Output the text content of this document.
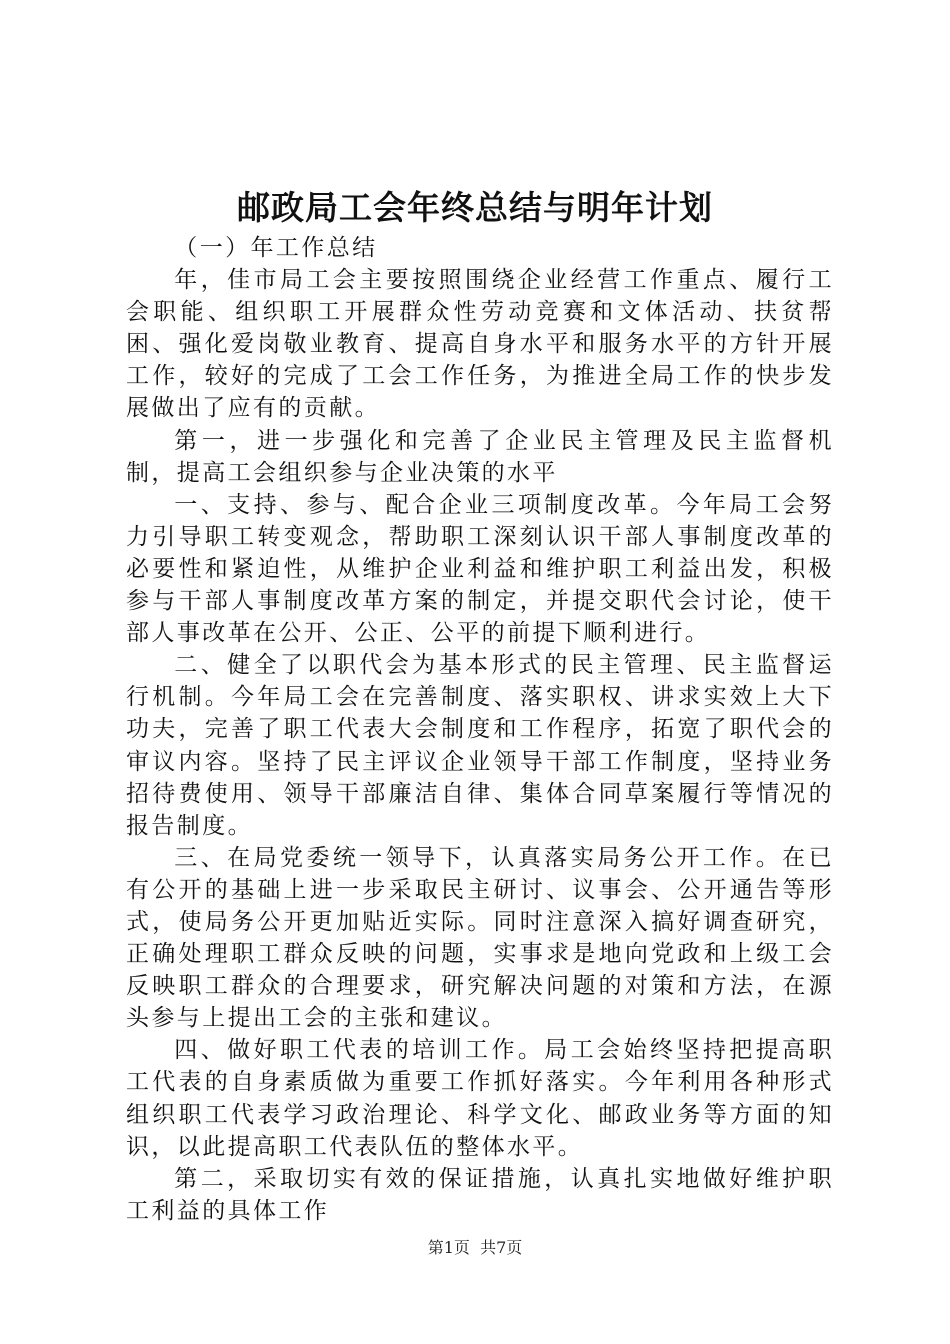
邮政局工会年终总结与明年计划

（一）年工作总结

年，佳市局工会主要按照围绕企业经营工作重点、履行工会职能、组织职工开展群众性劳动竞赛和文体活动、扶贫帮困、强化爱岗敬业教育、提高自身水平和服务水平的方针开展工作，较好的完成了工会工作任务，为推进全局工作的快步发展做出了应有的贡献。

第一，进一步强化和完善了企业民主管理及民主监督机制，提高工会组织参与企业决策的水平

一、支持、参与、配合企业三项制度改革。今年局工会努力引导职工转变观念，帮助职工深刻认识干部人事制度改革的必要性和紧迫性，从维护企业利益和维护职工利益出发，积极参与干部人事制度改革方案的制定，并提交职代会讨论，使干部人事改革在公开、公正、公平的前提下顺利进行。

二、健全了以职代会为基本形式的民主管理、民主监督运行机制。今年局工会在完善制度、落实职权、讲求实效上大下功夫，完善了职工代表大会制度和工作程序，拓宽了职代会的审议内容。坚持了民主评议企业领导干部工作制度，坚持业务招待费使用、领导干部廉洁自律、集体合同草案履行等情况的报告制度。

三、在局党委统一领导下，认真落实局务公开工作。在已有公开的基础上进一步采取民主研讨、议事会、公开通告等形式，使局务公开更加贴近实际。同时注意深入搞好调查研究，正确处理职工群众反映的问题，实事求是地向党政和上级工会反映职工群众的合理要求，研究解决问题的对策和方法，在源头参与上提出工会的主张和建议。

四、做好职工代表的培训工作。局工会始终坚持把提高职工代表的自身素质做为重要工作抓好落实。今年利用各种形式组织职工代表学习政治理论、科学文化、邮政业务等方面的知识，以此提高职工代表队伍的整体水平。

第二，采取切实有效的保证措施，认真扎实地做好维护职工利益的具体工作

第1页 共7页
